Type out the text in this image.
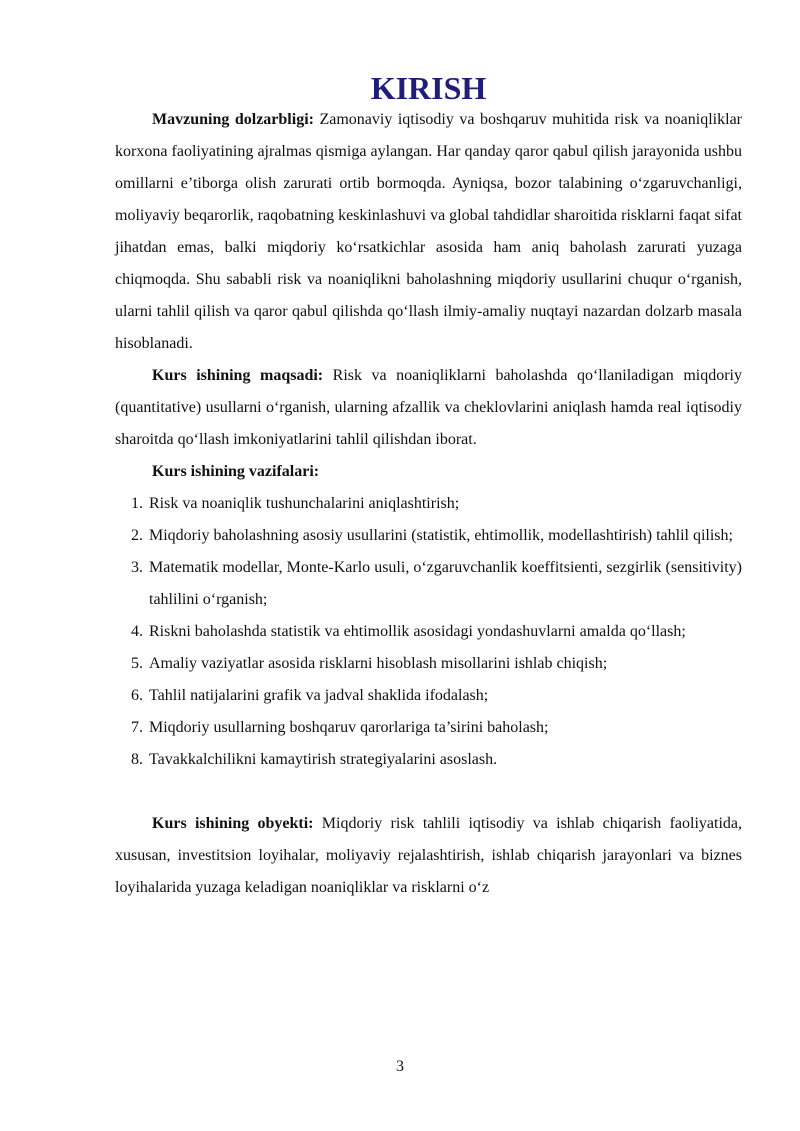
KIRISH

Mavzuning dolzarbligi: Zamonaviy iqtisodiy va boshqaruv muhitida risk va noaniqliklar korxona faoliyatining ajralmas qismiga aylangan. Har qanday qaror qabul qilish jarayonida ushbu omillarni e’tiborga olish zarurati ortib bormoqda. Ayniqsa, bozor talabining o‘zgaruvchanligi, moliyaviy beqarorlik, raqobatning keskinlashuvi va global tahdidlar sharoitida risklarni faqat sifat jihatdan emas, balki miqdoriy ko‘rsatkichlar asosida ham aniq baholash zarurati yuzaga chiqmoqda. Shu sababli risk va noaniqlikni baholashning miqdoriy usullarini chuqur o‘rganish, ularni tahlil qilish va qaror qabul qilishda qo‘llash ilmiy-amaliy nuqtayi nazardan dolzarb masala hisoblanadi.

Kurs ishining maqsadi: Risk va noaniqliklarni baholashda qo‘llaniladigan miqdoriy (quantitative) usullarni o‘rganish, ularning afzallik va cheklovlarini aniqlash hamda real iqtisodiy sharoitda qo‘llash imkoniyatlarini tahlil qilishdan iborat.

Kurs ishining vazifalari:

1. Risk va noaniqlik tushunchalarini aniqlashtirish;
2. Miqdoriy baholashning asosiy usullarini (statistik, ehtimollik, modellashtirish) tahlil qilish;
3. Matematik modellar, Monte-Karlo usuli, o‘zgaruvchanlik koeffitsienti, sezgirlik (sensitivity) tahlilini o‘rganish;
4. Riskni baholashda statistik va ehtimollik asosidagi yondashuvlarni amalda qo‘llash;
5. Amaliy vaziyatlar asosida risklarni hisoblash misollarini ishlab chiqish;
6. Tahlil natijalarini grafik va jadval shaklida ifodalash;
7. Miqdoriy usullarning boshqaruv qarorlariga ta’sirini baholash;
8. Tavakkalchilikni kamaytirish strategiyalarini asoslash.

Kurs ishining obyekti: Miqdoriy risk tahlili iqtisodiy va ishlab chiqarish faoliyatida, xususan, investitsion loyihalar, moliyaviy rejalashtirish, ishlab chiqarish jarayonlari va biznes loyihalarida yuzaga keladigan noaniqliklar va risklarni o‘z

3
